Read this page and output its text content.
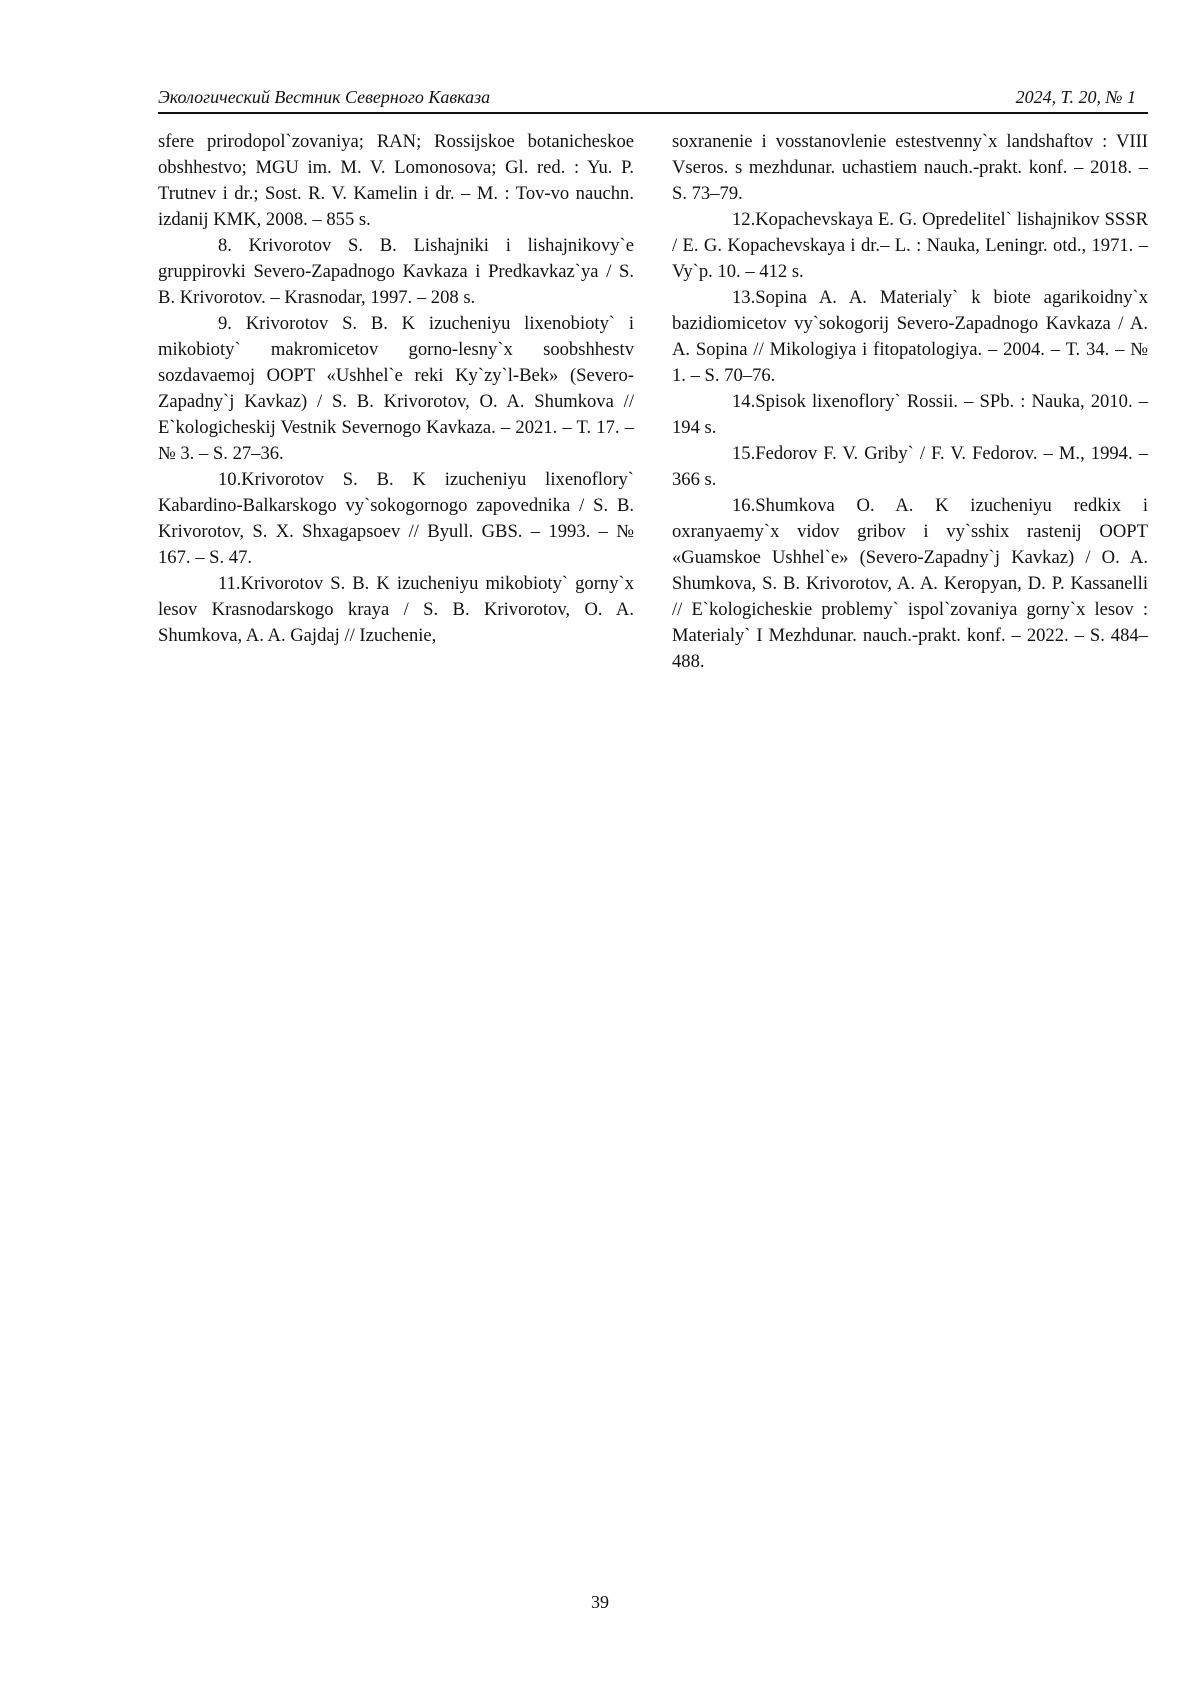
Экологический Вестник Северного Кавказа	2024, Т. 20, № 1

sfere prirodopol`zovaniya; RAN; Rossijskoe botanicheskoe obshhestvo; MGU im. M. V. Lomonosova; Gl. red. : Yu. P. Trutnev i dr.; Sost. R. V. Kamelin i dr. – M. : Tov-vo nauchn. izdanij KMK, 2008. – 855 s.

8. Krivorotov S. B. Lishajniki i lishajnikovy`e gruppirovki Severo-Zapadnogo Kavkaza i Predkavkaz`ya / S. B. Krivorotov. – Krasnodar, 1997. – 208 s.

9. Krivorotov S. B. K izucheniyu lixenobioty` i mikobioty` makromicetov gorno-lesny`x soobshhestv sozdavaemoj OOPT «Ushhel`e reki Ky`zy`l-Bek» (Severo-Zapadny`j Kavkaz) / S. B. Krivorotov, O. A. Shumkova // E`kologicheskij Vestnik Severnogo Kavkaza. – 2021. – T. 17. – № 3. – S. 27–36.

10.Krivorotov S. B. K izucheniyu lixenoflory` Kabardino-Balkarskogo vy`sokogornogo zapovednika / S. B. Krivorotov, S. X. Shxagapsoev // Byull. GBS. – 1993. – № 167. – S. 47.

11.Krivorotov S. B. K izucheniyu mikobioty` gorny`x lesov Krasnodarskogo kraya / S. B. Krivorotov, O. A. Shumkova, A. A. Gajdaj // Izuchenie,

soxranenie i vosstanovlenie estestvenny`x landshaftov : VIII Vseros. s mezhdunar. uchastiem nauch.-prakt. konf. – 2018. – S. 73–79.

12.Kopachevskaya E. G. Opredelitel` lishajnikov SSSR / E. G. Kopachevskaya i dr.– L. : Nauka, Leningr. otd., 1971. – Vy`p. 10. – 412 s.

13.Sopina A. A. Materialy` k biote agarikoidny`x bazidiomicetov vy`sokogorij Severo-Zapadnogo Kavkaza / A. A. Sopina // Mikologiya i fitopatologiya. – 2004. – T. 34. – № 1. – S. 70–76.

14.Spisok lixenoflory` Rossii. – SPb. : Nauka, 2010. – 194 s.

15.Fedorov F. V. Griby` / F. V. Fedorov. – M., 1994. – 366 s.

16.Shumkova O. A. K izucheniyu redkix i oxranyaemy`x vidov gribov i vy`sshix rastenij OOPT «Guamskoe Ushhel`e» (Severo-Zapadny`j Kavkaz) / O. A. Shumkova, S. B. Krivorotov, A. A. Keropyan, D. P. Kassanelli // E`kologicheskie problemy` ispol`zovaniya gorny`x lesov : Materialy` I Mezhdunar. nauch.-prakt. konf. – 2022. – S. 484–488.

39
